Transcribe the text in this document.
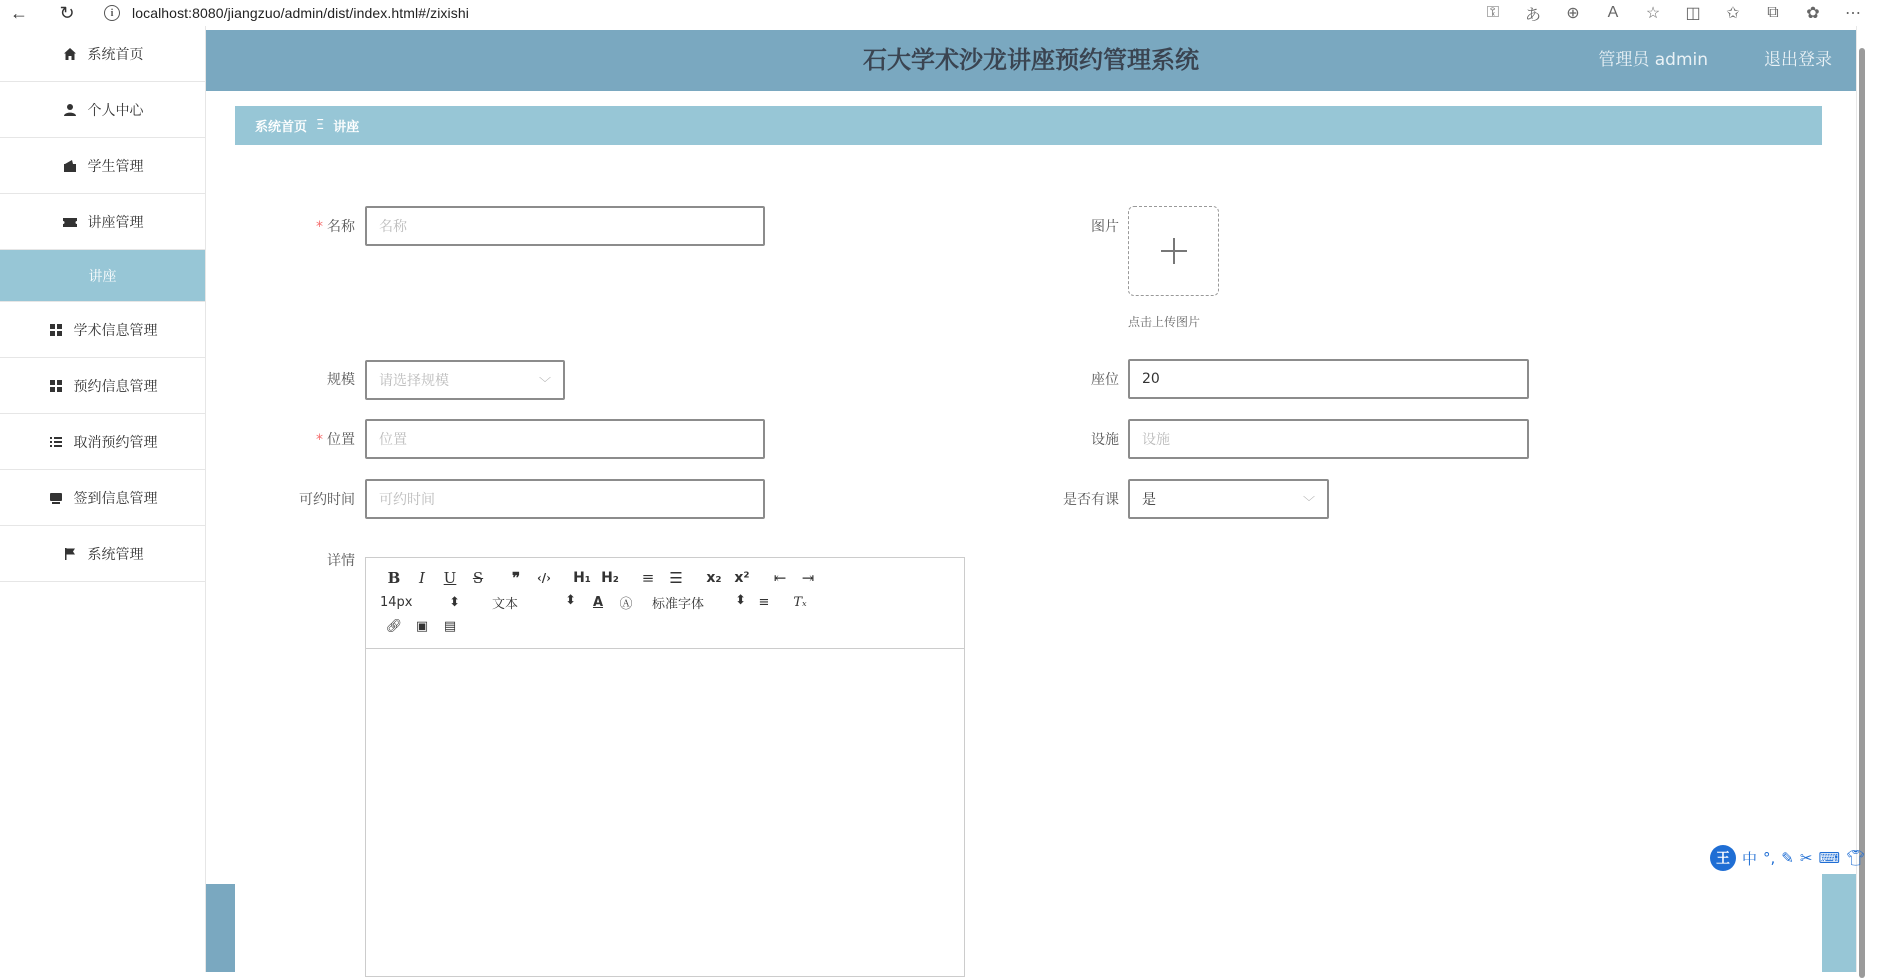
←	↻	i	localhost:8080/jiangzuo/admin/dist/index.html#/zixishi	⚿ あ ⊕ A ☆ ◫ ✩ ⧉ ✿ ⋯
系统首页
个人中心
学生管理
讲座管理
讲座
学术信息管理
预约信息管理
取消预约管理
签到信息管理
系统管理
石大学术沙龙讲座预约管理系统	管理员 admin	退出登录
系统首页 Ξ 讲座
* 名称 名称	图片
点击上传图片
规模 请选择规模	﹀	座位 20
* 位置 位置	设施 设施
可约时间 可约时间	是否有课 是	﹀
详情
B	I	U	S	❞	‹/›	H₁ H₂	≡ ☰	x₂ x²	⇤	⇥
14px	⬍ 文本	⬍	A	Ⓐ	标准字体 ⬍ ≡	Tₓ
🔗︎	▣	▤
王 中 °, ✎ ✂ ⌨ 👕︎
